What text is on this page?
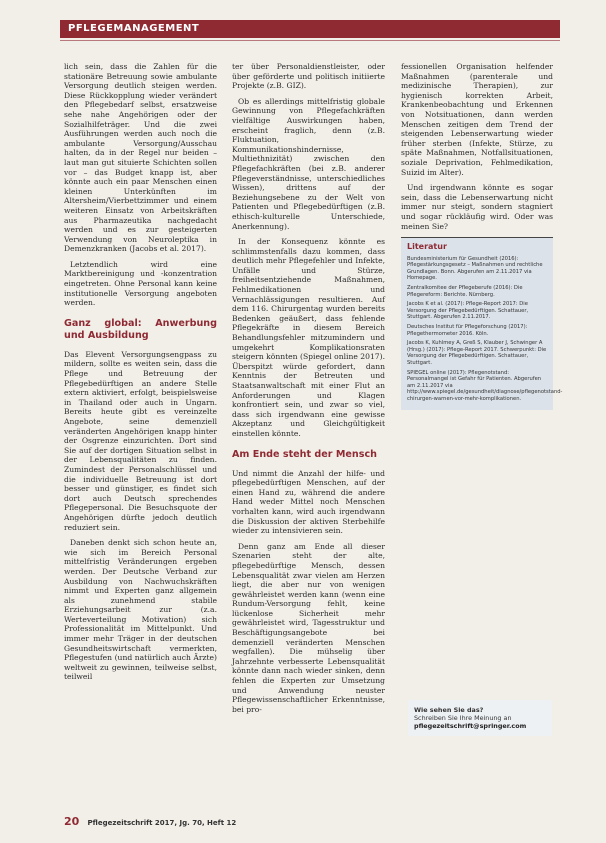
PFLEGEMANAGEMENT

lich sein, dass die Zahlen für die stationäre Betreuung sowie ambulante Versorgung deutlich steigen werden. Diese Rückkopplung wieder verändert den Pflegebedarf selbst, ersatzweise sehe nahe Angehörigen oder der Sozialhilfeträger. Und die zwei Ausführungen werden auch noch die ambulante Versorgung/Ausschau halten, da in der Regel nur beiden – laut man gut situierte Schichten sollen vor – das Budget knapp ist, aber könnte auch ein paar Menschen einen kleinen Unterkünften im Altersheim/Vierbettzimmer und einem weiteren Einsatz von Arbeitskräften aus Pharmazeutika nachgedacht werden und es zur gesteigerten Verwendung von Neuroleptika in Demenzkranken (Jacobs et al. 2017).

Letztendlich wird eine Marktbereinigung und -konzentration eingetreten. Ohne Personal kann keine institutionelle Versorgung angeboten werden.

Ganz global: Anwerbung und Ausbildung

Das Elevent Versorgungsengpass zu mildern, sollte es weiten sein, dass die Pflege und Betreuung der Pflegebedürftigen an andere Stelle extern aktiviert, erfolgt, beispielsweise in Thailand oder auch in Ungarn. Bereits heute gibt es vereinzelte Angebote, seine demenziell veränderten Angehörigen knapp hinter der Osgrenze einzurichten. Dort sind Sie auf der dortigen Situation selbst in der Lebensqualitäten zu finden. Zumindest der Personalschlüssel und die individuelle Betreuung ist dort besser und günstiger, es findet sich dort auch Deutsch sprechendes Pflegepersonal. Die Besuchsquote der Angehörigen dürfte jedoch deutlich reduziert sein.

Daneben denkt sich schon heute an, wie sich im Bereich Personal mittelfristig Veränderungen ergeben werden. Der Deutsche Verband zur Ausbildung von Nachwuchskräften nimmt und Experten ganz allgemein als zunehmend stabile Erziehungsarbeit zur (z.a. Werteverteilung Motivation) sich Professionalität im Mittelpunkt. Und immer mehr Träger in der deutschen Gesundheitswirtschaft vermerkten, Pflegestufen (und natürlich auch Ärzte) weltweit zu gewinnen, teilweise selbst, teilweil

ter über Personaldienstleister, oder über geförderte und politisch initiierte Projekte (z.B. GIZ).

Ob es allerdings mittelfristig globale Gewinnung von Pflegefachkräften vielfältige Auswirkungen haben, erscheint fraglich, denn (z.B. Fluktuation, Kommunikationshindernisse, Multiethnizität) zwischen den Pflegefachkräften (bei z.B. anderer Pflegeverständnisse, unterschiedliches Wissen), drittens auf der Beziehungsebene zu der Welt von Patienten und Pflegebedürftigen (z.B. ethisch-kulturelle Unterschiede, Anerkennung).

In der Konsequenz könnte es schlimmstenfalls dazu kommen, dass deutlich mehr Pflegefehler und Infekte, Unfälle und Stürze, freiheitsentziehende Maßnahmen, Fehlmedikationen und Vernachlässigungen resultieren. Auf dem 116. Chirurgentag wurden bereits Bedenken geäußert, dass fehlende Pflegekräfte in diesem Bereich Behandlungsfehler mitzumindern und umgekehrt Komplikationsraten steigern könnten (Spiegel online 2017). Überspitzt würde gefordert, dann Kenntnis der Betreuten und Staatsanwaltschaft mit einer Flut an Anforderungen und Klagen konfrontiert sein, und zwar so viel, dass sich irgendwann eine gewisse Akzeptanz und Gleichgültigkeit einstellen könnte.

Am Ende steht der Mensch

Und nimmt die Anzahl der hilfe- und pflegebedürftigen Menschen, auf der einen Hand zu, während die andere Hand weder Mittel noch Menschen vorhalten kann, wird auch irgendwann die Diskussion der aktiven Sterbehilfe wieder zu intensivieren sein.

Denn ganz am Ende all dieser Szenarien steht der alte, pflegebedürftige Mensch, dessen Lebensqualität zwar vielen am Herzen liegt, die aber nur von wenigen gewährleistet werden kann (wenn eine Rundum-Versorgung fehlt, keine lückenlose Sicherheit mehr gewährleistet wird, Tagesstruktur und Beschäftigungsangebote bei demenziell veränderten Menschen wegfallen). Die mühselig über Jahrzehnte verbesserte Lebensqualität könnte dann nach wieder sinken, denn fehlen die Experten zur Umsetzung und Anwendung neuster Pflegewissenschaftlicher Erkenntnisse, bei pro-

fessionellen Organisation helfender Maßnahmen (parenterale und medizinische Therapien), zur hygienisch korrekten Arbeit, Krankenbeobachtung und Erkennen von Notsituationen, dann werden Menschen zeitigen dem Trend der steigenden Lebenserwartung wieder früher sterben (Infekte, Stürze, zu späte Maßnahmen, Notfallsituationen, soziale Deprivation, Fehlmedikation, Suizid im Alter).

Und irgendwann könnte es sogar sein, dass die Lebenserwartung nicht immer nur steigt, sondern stagniert und sogar rückläufig wird. Oder was meinen Sie?

Literatur
Bundesministerium für Gesundheit (2016): Pflegestärkungsgesetz – Maßnahmen und rechtliche Grundlagen. Bonn. Abgerufen am 2.11.2017 via Homepage.
Zentralkomitee der Pflegeberufe (2016): Die Pflegereform: Berichte. Nürnberg.
Jacobs K et al. (2017): Pflege-Report 2017: Die Versorgung der Pflegebedürftigen. Schattauer, Stuttgart. Abgerufen 2.11.2017.
Deutsches Institut für Pflegeforschung (2017): Pflegethermometer 2016. Köln.
Jacobs K, Kuhlmey A, Greß S, Klauber J, Schwinger A (Hrsg.) (2017): Pflege-Report 2017. Schwerpunkt: Die Versorgung der Pflegebedürftigen. Schattauer, Stuttgart.
SPIEGEL online (2017): Pflegenotstand: Personalmangel ist Gefahr für Patienten. Abgerufen am 2.11.2017 via http://www.spiegel.de/gesundheit/diagnose/pflegenotstand-chirurgen-warnen-vor-mehr-komplikationen.
Wie sehen Sie das?
Schreiben Sie Ihre Meinung an
pflegezeitschrift@springer.com
20 Pflegezeitschrift 2017, Jg. 70, Heft 12
